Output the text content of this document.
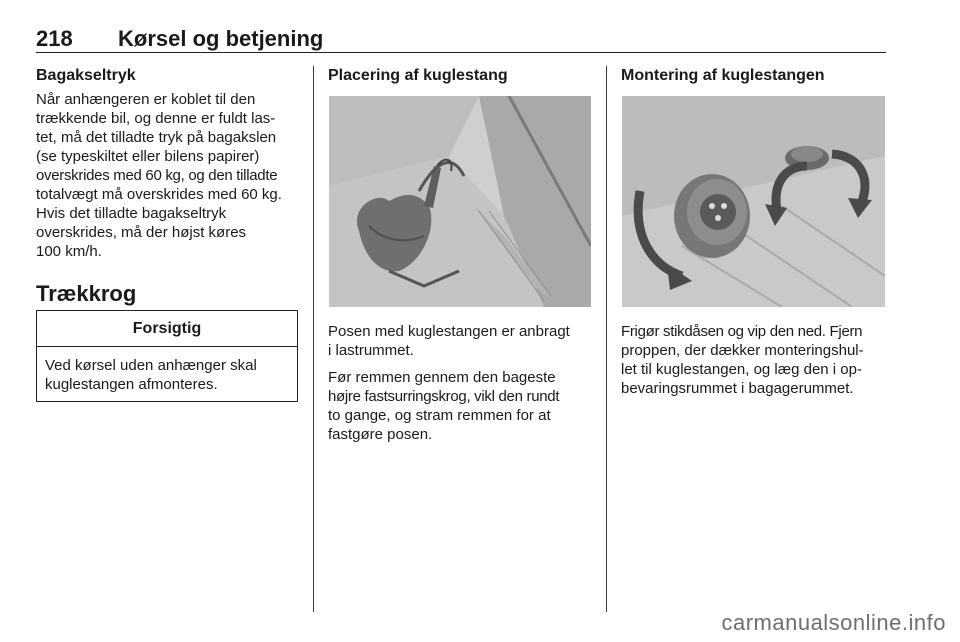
218 Kørsel og betjening
Bagakseltryk

Når anhængeren er koblet til den
trækkende bil, og denne er fuldt las-
tet, må det tilladte tryk på bagakslen
(se typeskiltet eller bilens papirer)
overskrides med 60 kg, og den tilladte
totalvægt må overskrides med 60 kg.
Hvis det tilladte bagakseltryk
overskrides, må der højst køres
100 km/h.

Trækkrog
Forsigtig
Ved kørsel uden anhænger skal
kuglestangen afmonteres.
Placering af kuglestang

Posen med kuglestangen er anbragt
i lastrummet.

Før remmen gennem den bageste
højre fastsurringskrog, vikl den rundt
to gange, og stram remmen for at
fastgøre posen.

Montering af kuglestangen

Frigør stikdåsen og vip den ned. Fjern
proppen, der dækker monteringshul-
let til kuglestangen, og læg den i op-
bevaringsrummet i bagagerummet.

carmanualsonline.info
